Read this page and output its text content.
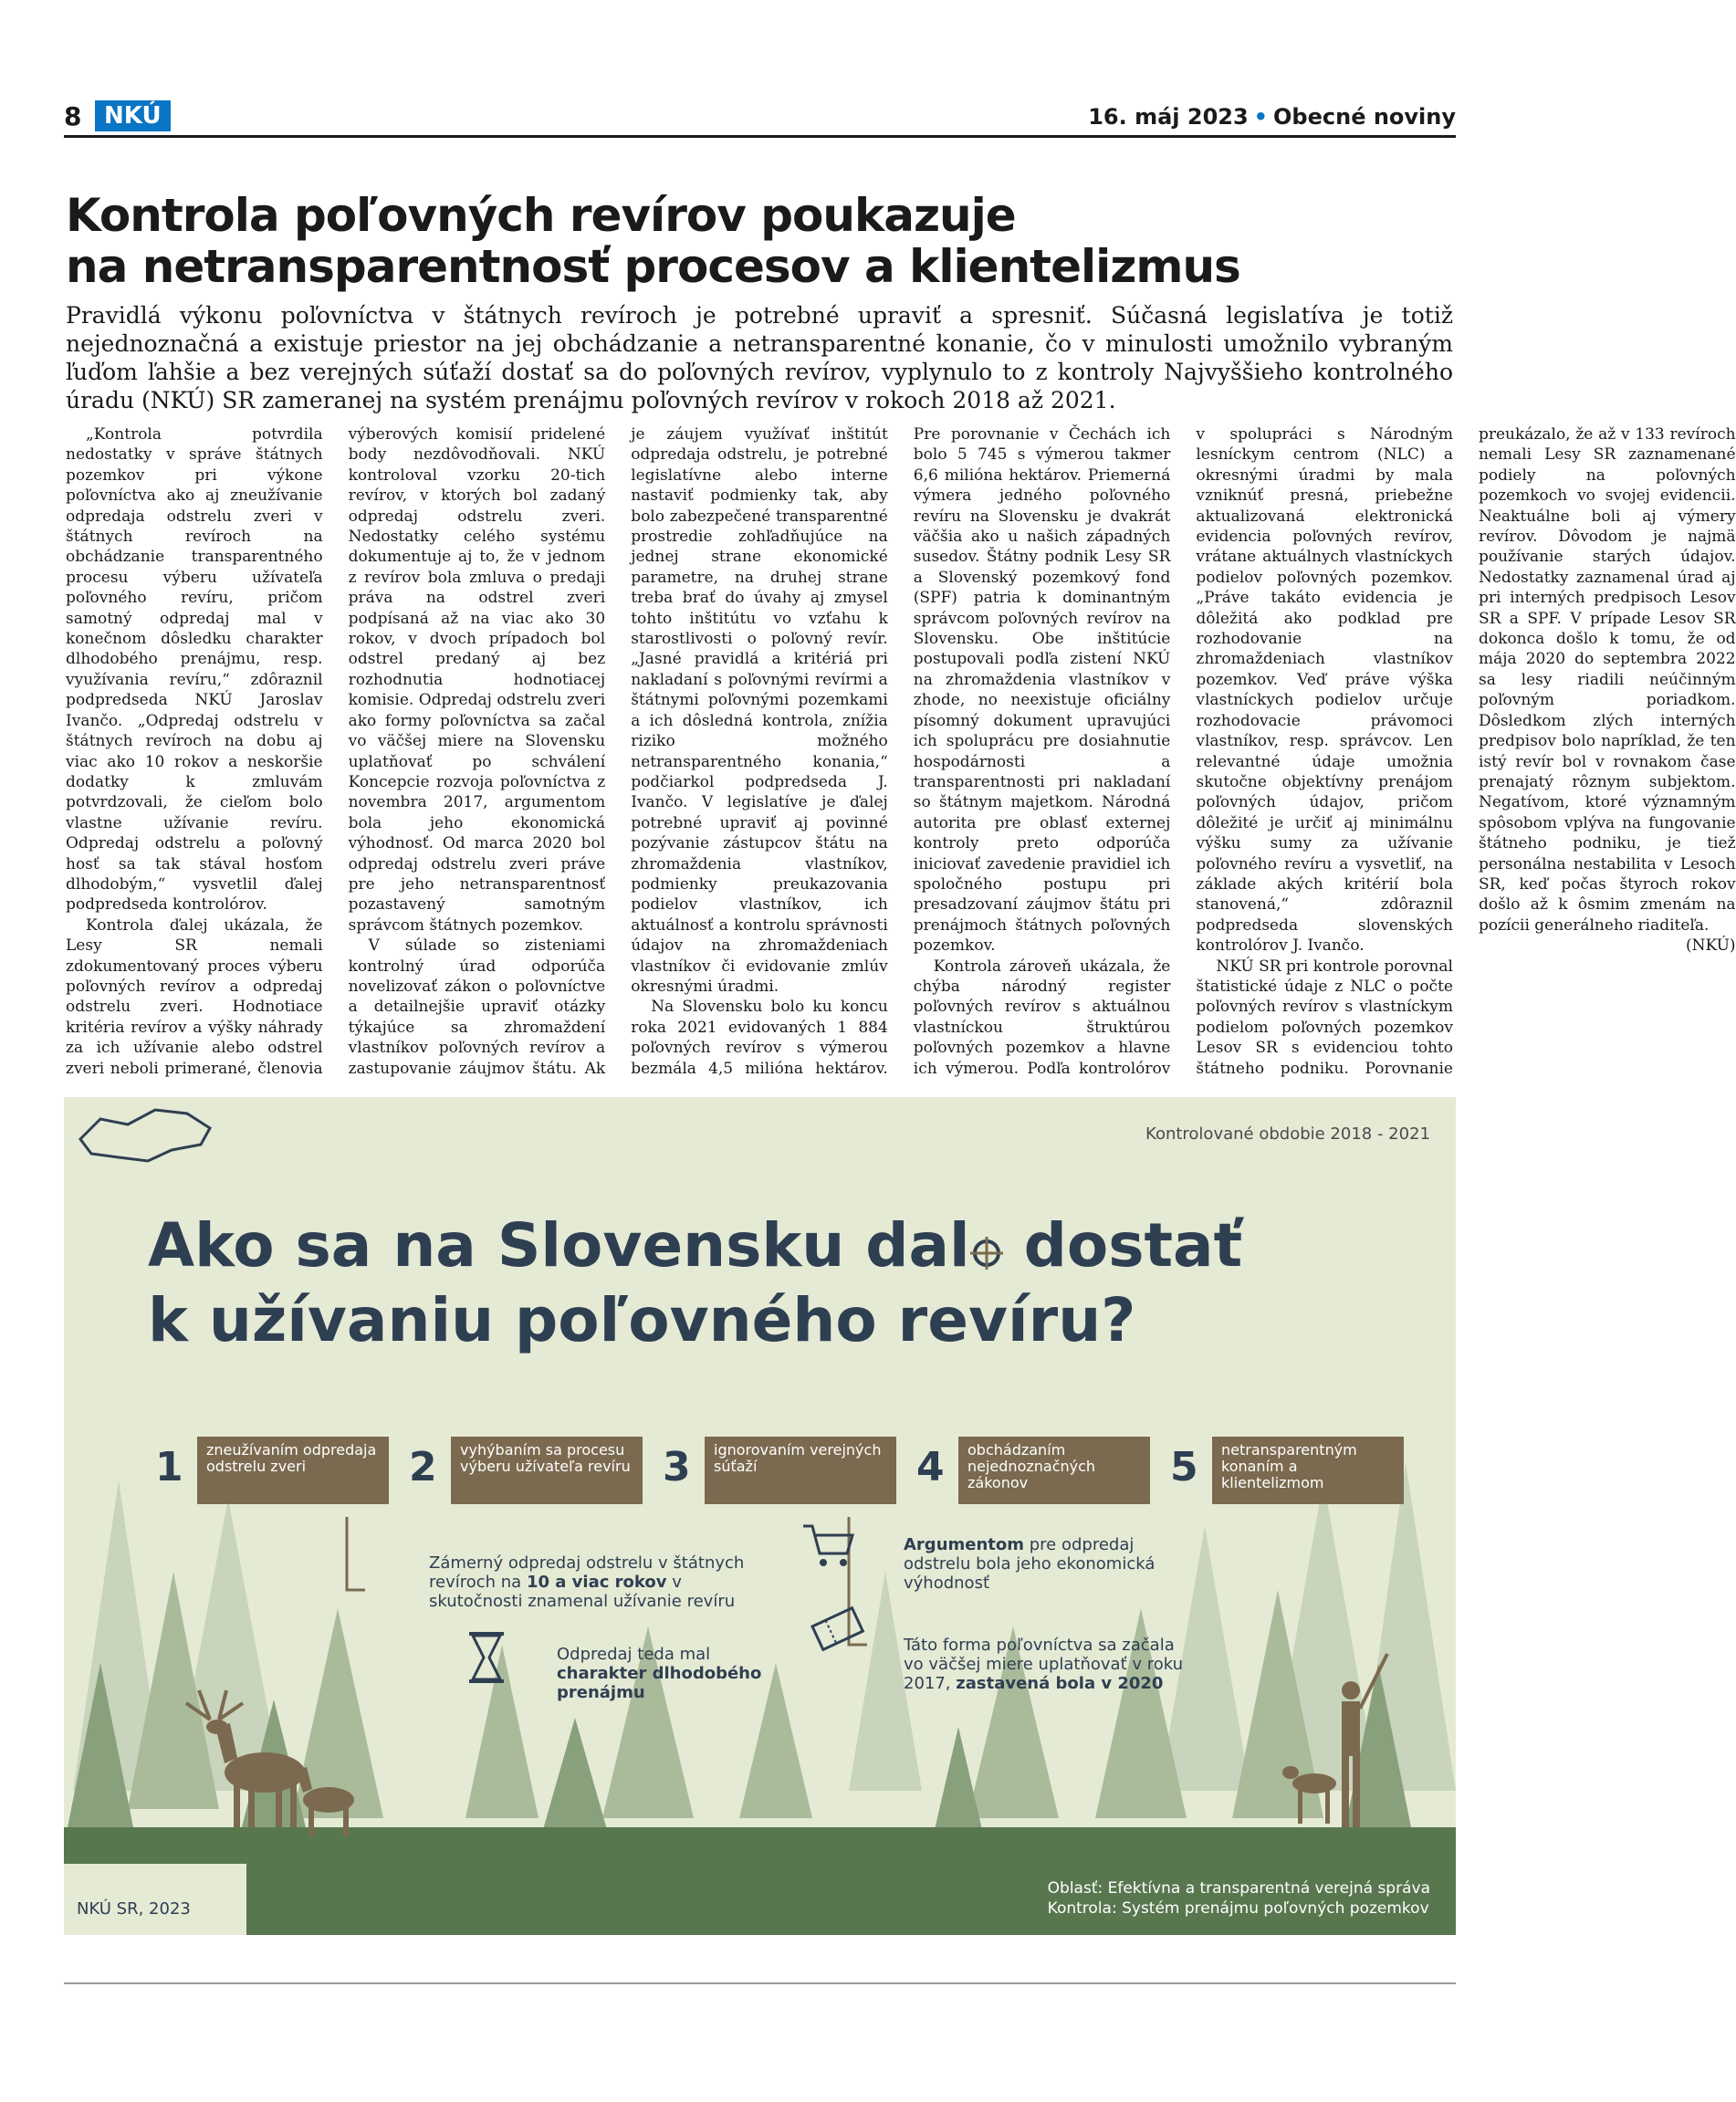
8 NKÚ	16. máj 2023 • Obecné noviny
Kontrola poľovných revírov poukazuje
na netransparentnosť procesov a klientelizmus

Pravidlá výkonu poľovníctva v štátnych revíroch je potrebné upraviť a spresniť. Súčasná legislatíva je totiž nejednoznačná a existuje priestor na jej obchádzanie a netransparentné konanie, čo v minulosti umožnilo vybraným ľuďom ľahšie a bez verejných súťaží dostať sa do poľovných revírov, vyplynulo to z kontroly Najvyššieho kontrolného úradu (NKÚ) SR zameranej na systém prenájmu poľovných revírov v rokoch 2018 až 2021.

„Kontrola potvrdila nedostatky v správe štátnych pozemkov pri výkone poľovníctva ako aj zneužívanie odpredaja odstrelu zveri v štátnych revíroch na obchádzanie transparentného procesu výberu užívateľa poľovného revíru, pričom samotný odpredaj mal v konečnom dôsledku charakter dlhodobého prenájmu, resp. využívania revíru,“ zdôraznil podpredseda NKÚ Jaroslav Ivančo. „Odpredaj odstrelu v štátnych revíroch na dobu aj viac ako 10 rokov a neskoršie dodatky k zmluvám potvrdzovali, že cieľom bolo vlastne užívanie revíru. Odpredaj odstrelu a poľovný hosť sa tak stával hosťom dlhodobým,“ vysvetlil ďalej podpredseda kontrolórov.

Kontrola ďalej ukázala, že Lesy SR nemali zdokumentovaný proces výberu poľovných revírov a odpredaj odstrelu zveri. Hodnotiace kritéria revírov a výšky náhrady za ich užívanie alebo odstrel zveri neboli primerané, členovia výberových komisií pridelené body nezdôvodňovali. NKÚ kontroloval vzorku 20-tich revírov, v ktorých bol zadaný odpredaj odstrelu zveri. Nedostatky celého systému dokumentuje aj to, že v jednom z revírov bola zmluva o predaji práva na odstrel zveri podpísaná až na viac ako 30 rokov, v dvoch prípadoch bol odstrel predaný aj bez rozhodnutia hodnotiacej komisie. Odpredaj odstrelu zveri ako formy poľovníctva sa začal vo väčšej miere na Slovensku uplatňovať po schválení Koncepcie rozvoja poľovníctva z novembra 2017, argumentom bola jeho ekonomická výhodnosť. Od marca 2020 bol odpredaj odstrelu zveri práve pre jeho netransparentnosť pozastavený samotným správcom štátnych pozemkov.

V súlade so zisteniami kontrolný úrad odporúča novelizovať zákon o poľovníctve a detailnejšie upraviť otázky týkajúce sa zhromaždení vlastníkov poľovných revírov a zastupovanie záujmov štátu. Ak je záujem využívať inštitút odpredaja odstrelu, je potrebné legislatívne alebo interne nastaviť podmienky tak, aby bolo zabezpečené transparentné prostredie zohľadňujúce na jednej strane ekonomické parametre, na druhej strane treba brať do úvahy aj zmysel tohto inštitútu vo vzťahu k starostlivosti o poľovný revír. „Jasné pravidlá a kritériá pri nakladaní s poľovnými revírmi a štátnymi poľovnými pozemkami a ich dôsledná kontrola, znížia riziko možného netransparentného konania,“ podčiarkol podpredseda J. Ivančo. V legislatíve je ďalej potrebné upraviť aj povinné pozývanie zástupcov štátu na zhromaždenia vlastníkov, podmienky preukazovania podielov vlastníkov, ich aktuálnosť a kontrolu správnosti údajov na zhromaždeniach vlastníkov či evidovanie zmlúv okresnými úradmi.

Na Slovensku bolo ku koncu roka 2021 evidovaných 1 884 poľovných revírov s výmerou bezmála 4,5 milióna hektárov. Pre porovnanie v Čechách ich bolo 5 745 s výmerou takmer 6,6 milióna hektárov. Priemerná výmera jedného poľovného revíru na Slovensku je dvakrát väčšia ako u našich západných susedov. Štátny podnik Lesy SR a Slovenský pozemkový fond (SPF) patria k dominantným správcom poľovných revírov na Slovensku. Obe inštitúcie postupovali podľa zistení NKÚ na zhromaždenia vlastníkov v zhode, no neexistuje oficiálny písomný dokument upravujúci ich spoluprácu pre dosiahnutie hospodárnosti a transparentnosti pri nakladaní so štátnym majetkom. Národná autorita pre oblasť externej kontroly preto odporúča iniciovať zavedenie pravidiel ich spoločného postupu pri presadzovaní záujmov štátu pri prenájmoch štátnych poľovných pozemkov.

Kontrola zároveň ukázala, že chýba národný register poľovných revírov s aktuálnou vlastníckou štruktúrou poľovných pozemkov a hlavne ich výmerou. Podľa kontrolórov v spolupráci s Národným lesníckym centrom (NLC) a okresnými úradmi by mala vzniknúť presná, priebežne aktualizovaná elektronická evidencia poľovných revírov, vrátane aktuálnych vlastníckych podielov poľovných pozemkov. „Práve takáto evidencia je dôležitá ako podklad pre rozhodovanie na zhromaždeniach vlastníkov pozemkov. Veď práve výška vlastníckych podielov určuje rozhodovacie právomoci vlastníkov, resp. správcov. Len relevantné údaje umožnia skutočne objektívny prenájom poľovných údajov, pričom dôležité je určiť aj minimálnu výšku sumy za užívanie poľovného revíru a vysvetliť, na základe akých kritérií bola stanovená,“ zdôraznil podpredseda slovenských kontrolórov J. Ivančo.

NKÚ SR pri kontrole porovnal štatistické údaje z NLC o počte poľovných revírov s vlastníckym podielom poľovných pozemkov Lesov SR s evidenciou tohto štátneho podniku. Porovnanie preukázalo, že až v 133 revíroch nemali Lesy SR zaznamenané podiely na poľovných pozemkoch vo svojej evidencii. Neaktuálne boli aj výmery revírov. Dôvodom je najmä používanie starých údajov. Nedostatky zaznamenal úrad aj pri interných predpisoch Lesov SR a SPF. V prípade Lesov SR dokonca došlo k tomu, že od mája 2020 do septembra 2022 sa lesy riadili neúčinným poľovným poriadkom. Dôsledkom zlých interných predpisov bolo napríklad, že ten istý revír bol v rovnakom čase prenajatý rôznym subjektom. Negatívom, ktoré významným spôsobom vplýva na fungovanie štátneho podniku, je tiež personálna nestabilita v Lesoch SR, keď počas štyroch rokov došlo až k ôsmim zmenám na pozícii generálneho riaditeľa.

(NKÚ)

Kontrolované obdobie 2018 - 2021
Ako sa na Slovensku dal dostať
k užívaniu poľovného revíru?
1	zneužívaním odpredaja odstrelu zveri	2	vyhýbaním sa procesu výberu užívateľa revíru 3	ignorovaním verejných súťaží	4	obchádzaním nejednoznačných zákonov	5	netransparentným konaním a klientelizmom
Zámerný odpredaj odstrelu v štátnych revíroch na 10 a viac rokov v skutočnosti znamenal užívanie revíru
Odpredaj teda mal charakter dlhodobého prenájmu
Argumentom pre odpredaj odstrelu bola jeho ekonomická výhodnosť
Táto forma poľovníctva sa začala vo väčšej miere uplatňovať v roku 2017, zastavená bola v 2020
NKÚ SR, 2023
Oblasť: Efektívna a transparentná verejná správa
Kontrola: Systém prenájmu poľovných pozemkov
